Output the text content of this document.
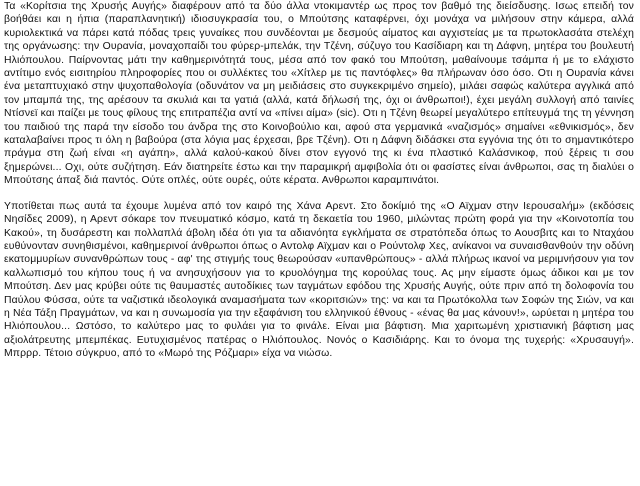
Τα «Κορίτσια της Χρυσής Αυγής» διαφέρουν από τα δύο άλλα ντοκιμαντέρ ως προς τον βαθμό της διείσδυσης. Ισως επειδή τον βοήθάει και η ήπια (παραπλανητική) ιδιοσυγκρασία του, ο Μπούτσης καταφέρνει, όχι μονάχα να μιλήσουν στην κάμερα, αλλά κυριολεκτικά να πάρει κατά πόδας τρεις γυναίκες που συνδέονται με δεσμούς αίματος και αγχιστείας με τα πρωτοκλασάτα στελέχη της οργάνωσης: την Ουρανία, μοναχοπαίδι του φύρερ-μπελάκ, την Τζένη, σύζυγο του Κασίδιαρη και τη Δάφνη, μητέρα του βουλευτή Ηλιόπουλου. Παίρνοντας μάτι την καθημερινότητά τους, μέσα από τον φακό του Μπούτση, μαθαίνουμε τσάμπα ή με το ελάχιστο αντίτιμο ενός εισιτηρίου πληροφορίες που οι συλλέκτες του «Χίτλερ με τις παντόφλες» θα πλήρωναν όσο όσο. Οτι η Ουρανία κάνει ένα μεταπτυχιακό στην ψυχοπαθολογία (οδυνάτον να μη μειδιάσεις στο συγκεκριμένο σημείο), μιλάει σαφώς καλύτερα αγγλικά από τον μπαμπά της, της αρέσουν τα σκυλιά και τα γατιά (αλλά, κατά δήλωσή της, όχι οι άνθρωποι!), έχει μεγάλη συλλογή από ταινίες Ντίσνεϊ και παίζει με τους φίλους της επιτραπέζια αντί να «πίνει αίμα» (sic). Οτι η Τζένη θεωρεί μεγαλύτερο επίτευγμά της τη γέννηση του παιδιού της παρά την είσοδο του άνδρα της στο Κοινοβούλιο και, αφού στα γερμανικά «ναζισμός» σημαίνει «εθνικισμός», δεν καταλαβαίνει προς τι όλη η βαβούρα (στα λόγια μας έρχεσαι, βρε Τζένη). Οτι η Δάφνη διδάσκει στα εγγόνια της ότι το σημαντικότερο πράγμα στη ζωή είναι «η αγάπη», αλλά καλού-κακού δίνει στον εγγονό της κι ένα πλαστικό Καλάσνικοφ, πού ξέρεις τι σου ξημερώνει... Οχι, ούτε συζήτηση. Εάν διατηρείτε έστω και την παραμικρή αμφιβολία ότι οι φασίστες είναι άνθρωποι, σας τη διαλύει ο Μπούτσης άπαξ διά παντός. Ούτε οπλές, ούτε ουρές, ούτε κέρατα. Ανθρωποι καραμπινάτοι.

Υποτίθεται πως αυτά τα έχουμε λυμένα από τον καιρό της Χάνα Αρεντ. Στο δοκίμιό της «Ο Αϊχμαν στην Ιερουσαλήμ» (εκδόσεις Νησίδες 2009), η Αρεντ σόκαρε τον πνευματικό κόσμο, κατά τη δεκαετία του 1960, μιλώντας πρώτη φορά για την «Κοινοτοπία του Κακού», τη δυσάρεστη και πολλαπλά άβολη ιδέα ότι για τα αδιανόητα εγκλήματα σε στρατόπεδα όπως το Αουσβιτς και το Νταχάου ευθύνονταν συνηθισμένοι, καθημερινοί άνθρωποι όπως ο Αντολφ Αϊχμαν και ο Ρούντολφ Χες, ανίκανοι να συναισθανθούν την οδύνη εκατομμυρίων συνανθρώπων τους - αφ' της στιγμής τους θεωρούσαν «υπανθρώπους» - αλλά πλήρως ικανοί να μεριμνήσουν για τον καλλωπισμό του κήπου τους ή να ανησυχήσουν για το κρυολόγημα της κορούλας τους. Ας μην είμαστε όμως άδικοι και με τον Μπούτση. Δεν μας κρύβει ούτε τις θαυμαστές αυτοδίκιες των ταγμάτων εφόδου της Χρυσής Αυγής, ούτε πριν από τη δολοφονία του Παύλου Φύσσα, ούτε τα ναζιστικά ιδεολογικά αναμασήματα των «κοριτσιών» της: να και τα Πρωτόκολλα των Σοφών της Σιών, να και η Νέα Τάξη Πραγμάτων, να και η συνωμοσία για την εξαφάνιση του ελληνικού έθνους - «ένας θα μας κάνουν!», ωρύεται η μητέρα του Ηλιόπουλου... Ωστόσο, το καλύτερο μας το φυλάει για το φινάλε. Είναι μια βάφτιση. Μια χαριτωμένη χριστιανική βάφτιση μας αξιολάτρευτης μπεμπέκας. Ευτυχισμένος πατέρας ο Ηλιόπουλος. Νονός ο Κασιδιάρης. Και το όνομα της τυχερής: «Χρυσαυγή». Μπρρρ. Τέτοιο σύγκρυο, από το «Μωρό της Ρόζμαρι» είχα να νιώσω.
